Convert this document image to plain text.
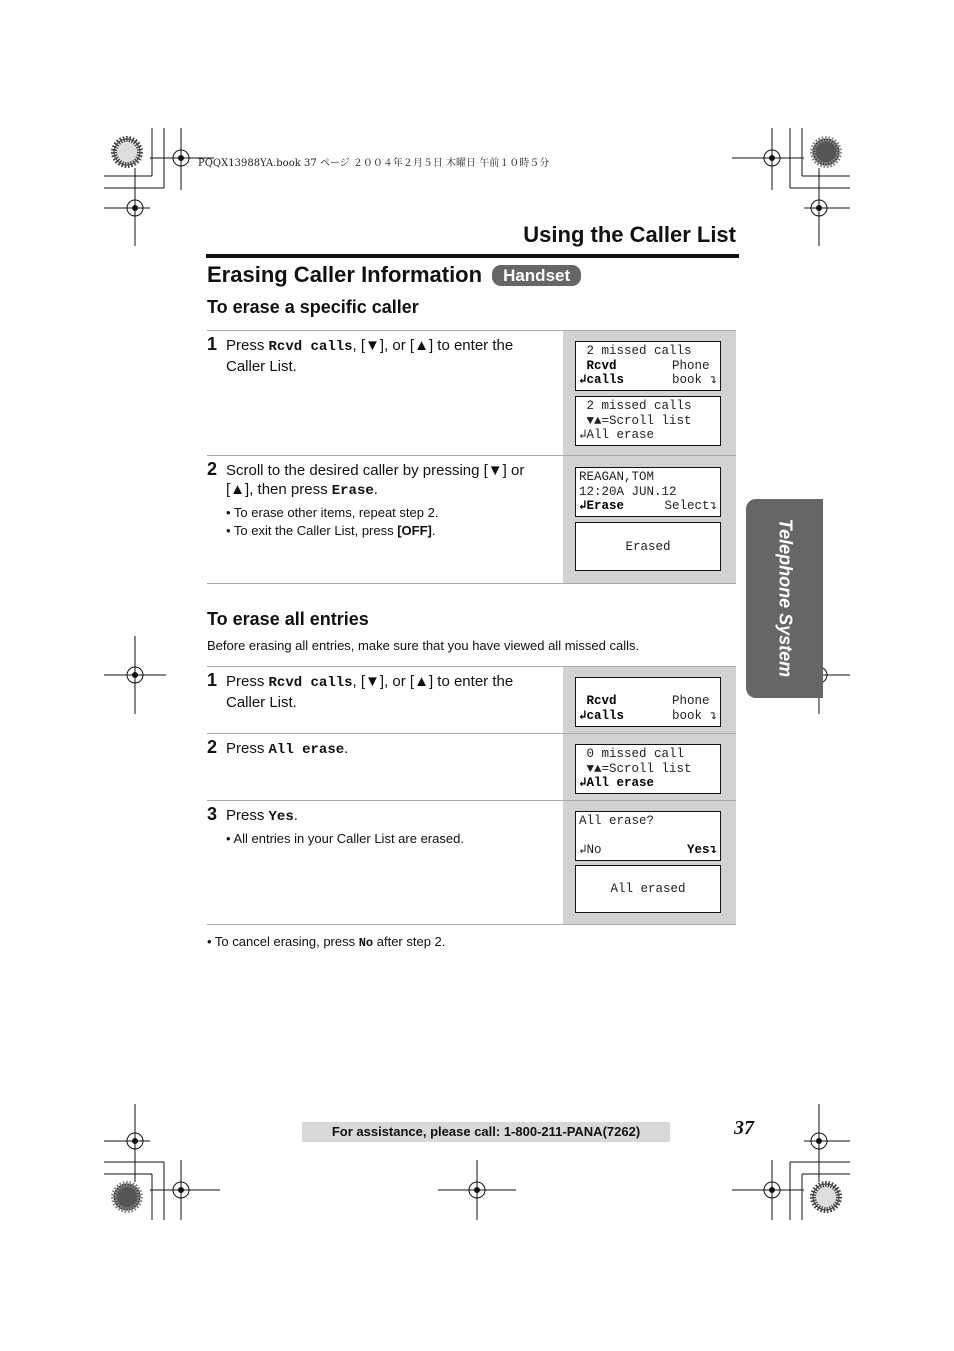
PQQX13988YA.book 37 ページ ２００４年２月５日 木曜日 午前１０時５分
Using the Caller List
Erasing Caller Information	Handset
To erase a specific caller
1 Press Rcvd calls, [▼], or [▲] to enter the Caller List.
2 missed calls
Rcvd	Phone
↲calls	book ↴
2 missed calls
▼▲=Scroll list
↲All erase
2 Scroll to the desired caller by pressing [▼] or [▲], then press Erase.
• To erase other items, repeat step 2.
• To exit the Caller List, press [OFF].
REAGAN,TOM
12:20A JUN.12
↲Erase	Select↴
Erased
To erase all entries
Before erasing all entries, make sure that you have viewed all missed calls.
1 Press Rcvd calls, [▼], or [▲] to enter the Caller List.	Rcvd	Phone
↲calls	book ↴
2 Press All erase.	0 missed call
▼▲=Scroll list
↲All erase
3 Press Yes.
• All entries in your Caller List are erased.
All erase?
↲No	Yes↴
All erased
• To cancel erasing, press No after step 2.
Telephone System
For assistance, please call: 1-800-211-PANA(7262)	37
